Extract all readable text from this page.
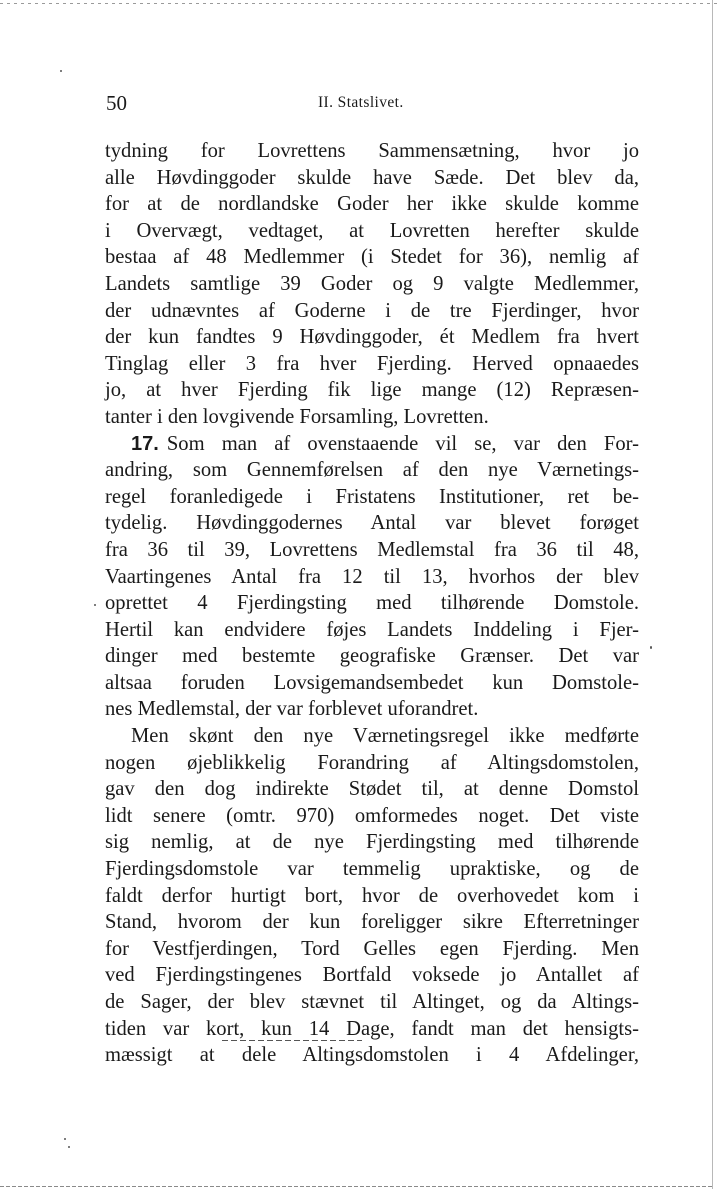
50	II. Statslivet.
tydning for Lovrettens Sammensætning, hvor jo
alle Høvdinggoder skulde have Sæde. Det blev da,
for at de nordlandske Goder her ikke skulde komme
i Overvægt, vedtaget, at Lovretten herefter skulde
bestaa af 48 Medlemmer (i Stedet for 36), nemlig af
Landets samtlige 39 Goder og 9 valgte Medlemmer,
der udnævntes af Goderne i de tre Fjerdinger, hvor
der kun fandtes 9 Høvdinggoder, ét Medlem fra hvert
Tinglag eller 3 fra hver Fjerding. Herved opnaaedes
jo, at hver Fjerding fik lige mange (12) Repræsen-
tanter i den lovgivende Forsamling, Lovretten.
17. Som man af ovenstaaende vil se, var den For-
andring, som Gennemførelsen af den nye Værnetings-
regel foranledigede i Fristatens Institutioner, ret be-
tydelig. Høvdinggodernes Antal var blevet forøget
fra 36 til 39, Lovrettens Medlemstal fra 36 til 48,
Vaartingenes Antal fra 12 til 13, hvorhos der blev
oprettet 4 Fjerdingsting med tilhørende Domstole.
Hertil kan endvidere føjes Landets Inddeling i Fjer-
dinger med bestemte geografiske Grænser. Det var
altsaa foruden Lovsigemandsembedet kun Domstole-
nes Medlemstal, der var forblevet uforandret.
Men skønt den nye Værnetingsregel ikke medførte
nogen øjeblikkelig Forandring af Altingsdomstolen,
gav den dog indirekte Stødet til, at denne Domstol
lidt senere (omtr. 970) omformedes noget. Det viste
sig nemlig, at de nye Fjerdingsting med tilhørende
Fjerdingsdomstole var temmelig upraktiske, og de
faldt derfor hurtigt bort, hvor de overhovedet kom i
Stand, hvorom der kun foreligger sikre Efterretninger
for Vestfjerdingen, Tord Gelles egen Fjerding. Men
ved Fjerdingstingenes Bortfald voksede jo Antallet af
de Sager, der blev stævnet til Altinget, og da Altings-
tiden var kort, kun 14 Dage, fandt man det hensigts-
mæssigt at dele Altingsdomstolen i 4 Afdelinger,
